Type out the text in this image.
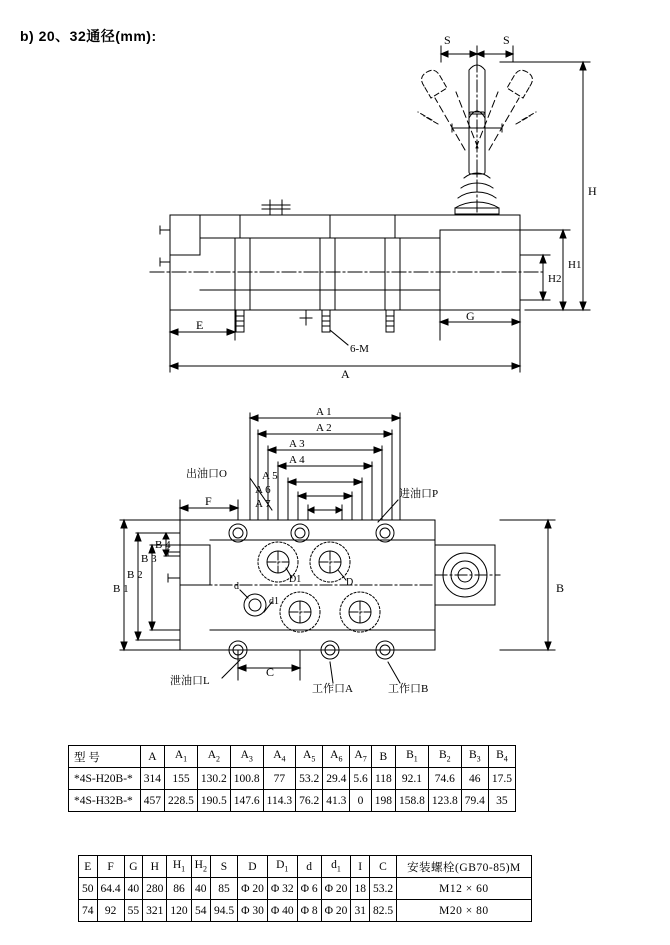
b) 20、32通径(mm):	S	S
H
H1
H2
E
G
A
6-M
A 1
A 2
A 3
A 4
A 5
A 6
A 7
F
B 1
B 2
B 3
B 4
B
C
D
D1
d
d1
出油口O
进油口P
泄油口L
工作口A	工作口B
型 号	A	$A_1$	$A_2$	$A_3$	$A_4$	$A_5$	$A_6$	$A_7$	B	$B_1$	$B_2$	$B_3$	$B_4$
*4S-H20B-*	314	155	130.2	100.8	77	53.2	29.4	5.6	118	92.1	74.6	46	17.5
*4S-H32B-*	457	228.5	190.5	147.6	114.3	76.2	41.3	0	198	158.8	123.8	79.4	35
E	F	G	H	$H_1$	$H_2$	S	D	$D_1$	d	$d_1$	I	C	安装螺栓(GB70-85)M
50	64.4	40	280	86	40	85	Φ 20	Φ 32	Φ 6	Φ 20	18	53.2	M12 × 60
74	92	55	321	120	54	94.5	Φ 30	Φ 40	Φ 8	Φ 20	31	82.5	M20 × 80
